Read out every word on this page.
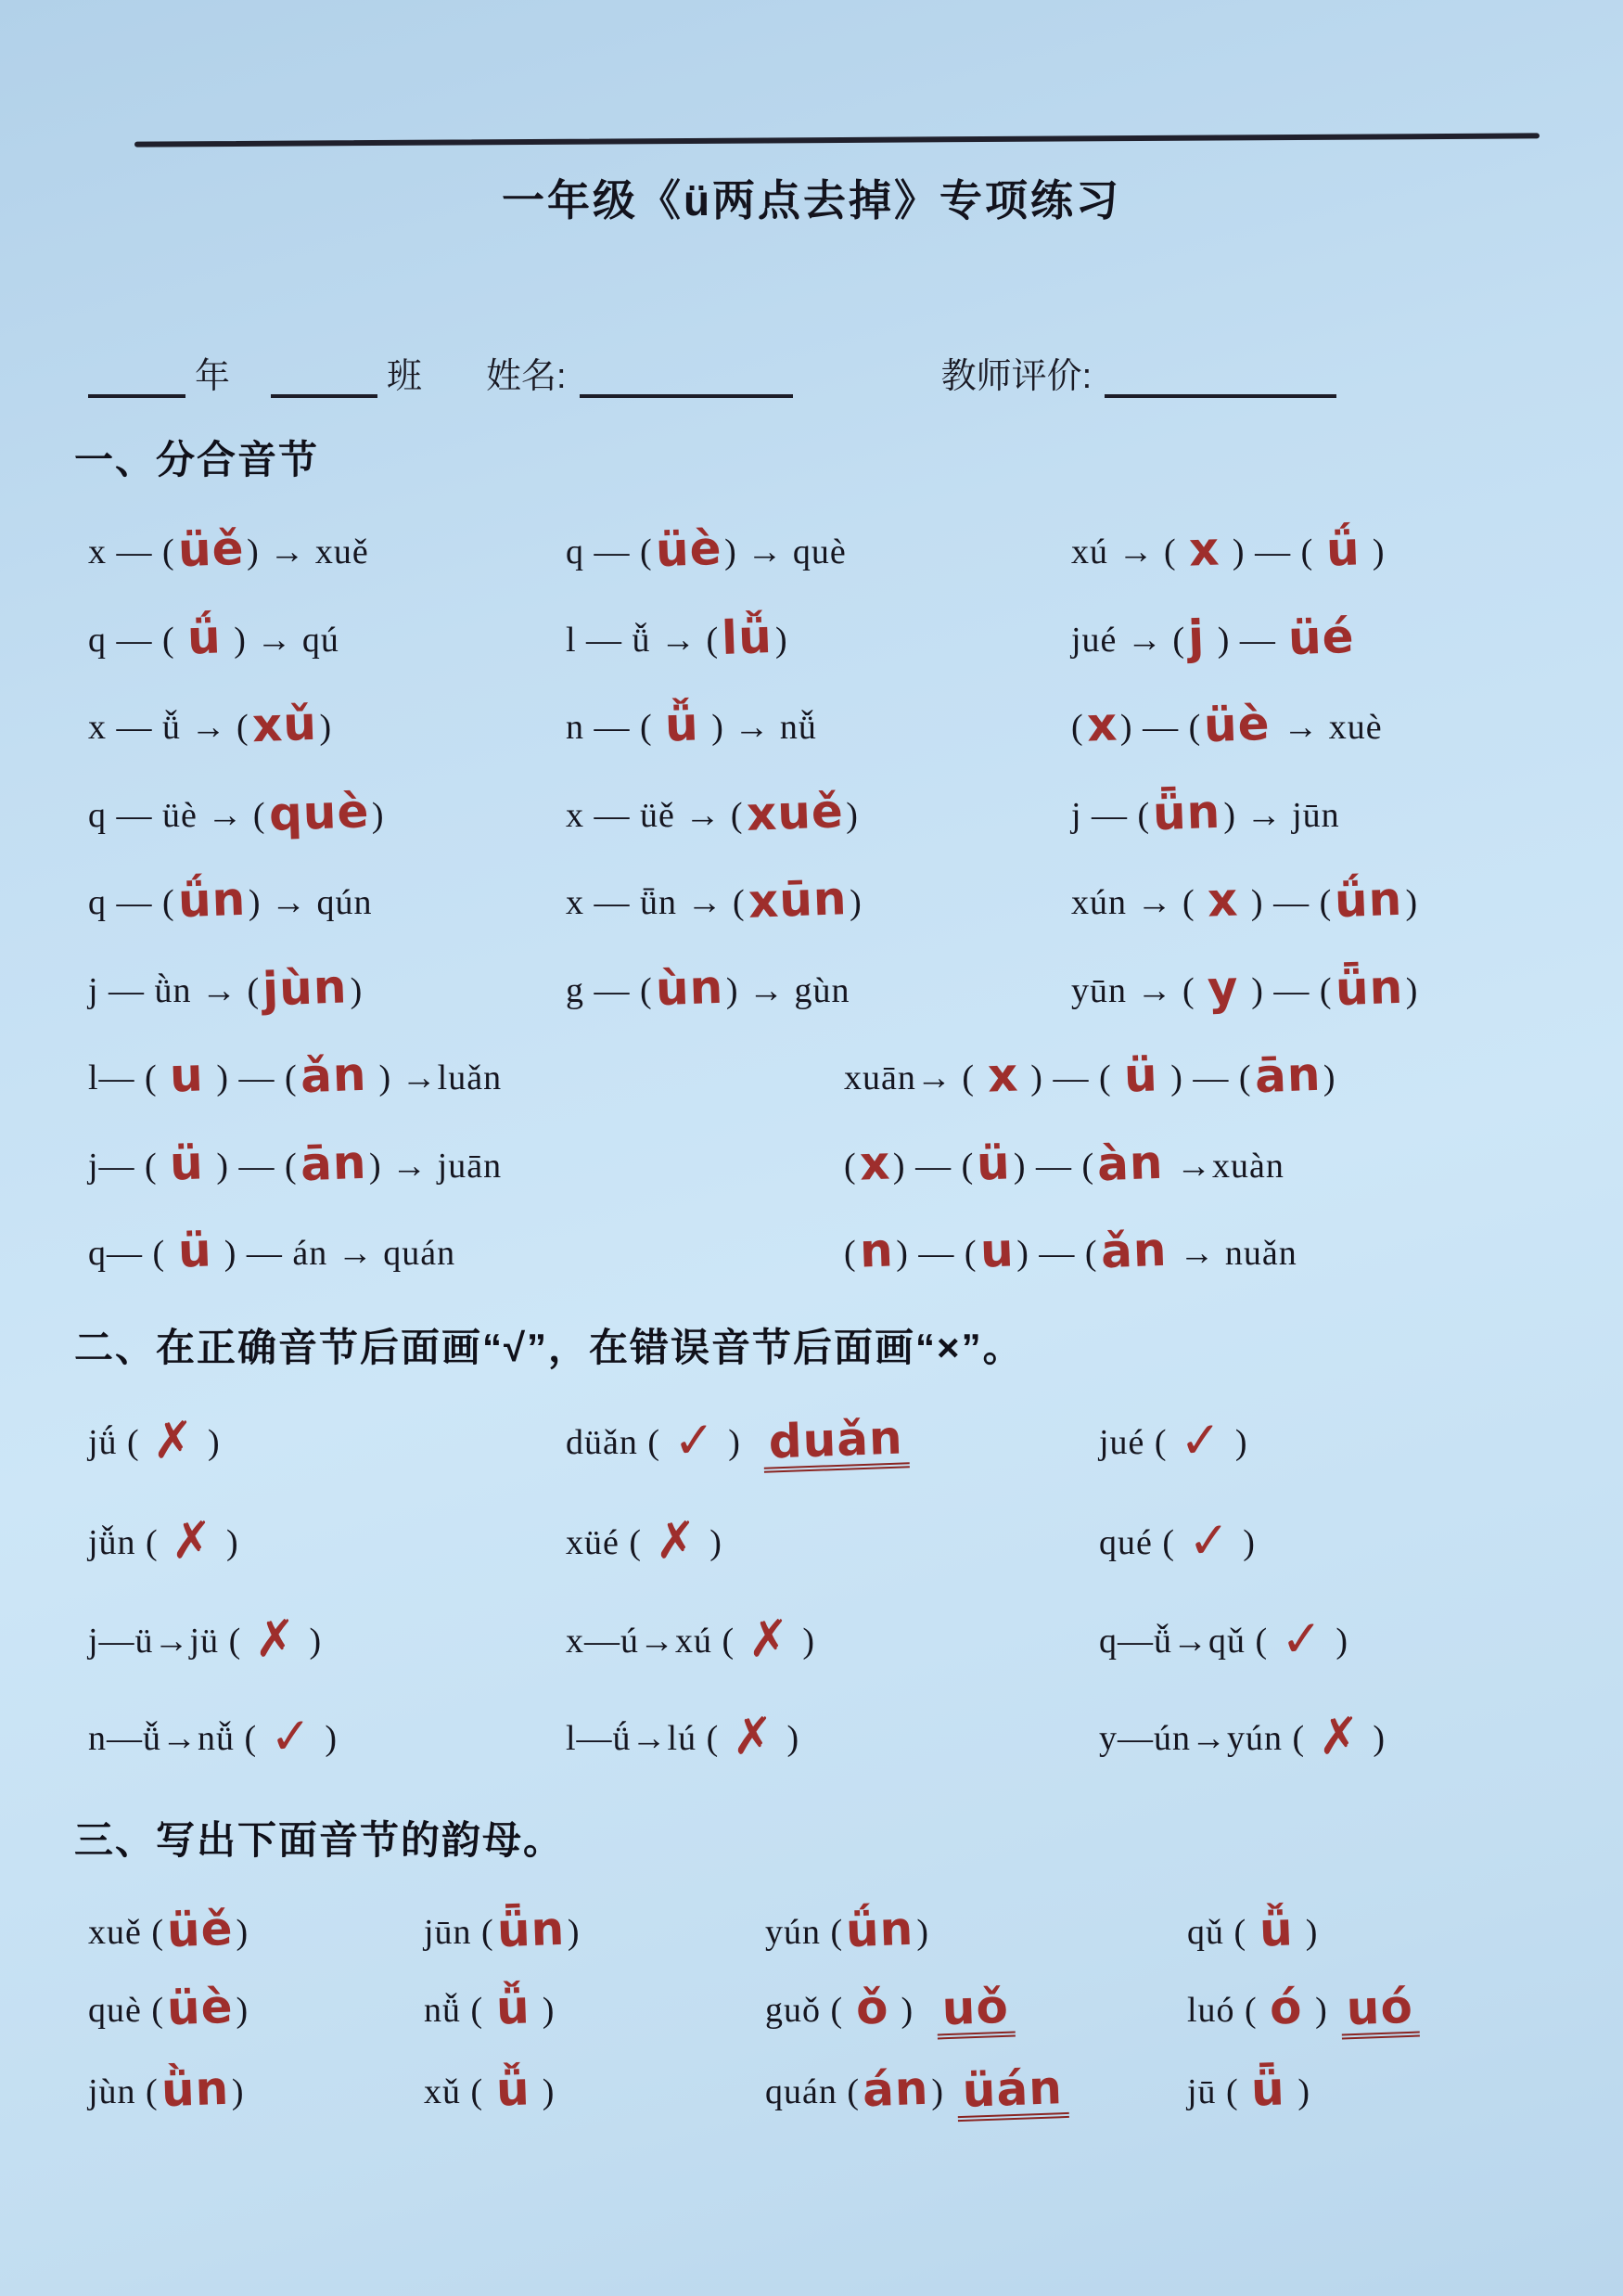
一年级《ü两点去掉》专项练习
年	班 姓名:	教师评价:
一、分合音节
x — (üě) → xuě	q — (üè) → què	xú → ( x ) — ( ǘ )
q — ( ǘ ) → qú	l — ǚ → (lǚ)	jué → (j ) — üé
x — ǚ → (xǔ)	n — ( ǚ ) → nǚ	(x) — (üè → xuè
q — üè → (què)	x — üě → (xuě)	j — (ǖn) → jūn
q — (ǘn) → qún	x — ǖn → (xūn)	xún → ( x ) — (ǘn)
j — ǜn → (jùn)	g — (ùn) → gùn	yūn → ( y ) — (ǖn)
l— ( u ) — (ǎn ) →luǎn	xuān→ ( x ) — ( ü ) — (ān)
j— ( ü ) — (ān) → juān	(x) — (ü) — (àn →xuàn
q— ( ü ) — án → quán	(n) — (u) — (ǎn → nuǎn
二、在正确音节后面画“√”，在错误音节后面画“×”。
jǘ ( ✗ )	düǎn ( ✓ ) duǎn	jué ( ✓ )
jǚn ( ✗ )	xüé ( ✗ )	qué ( ✓ )
j—ü→jü ( ✗ )	x—ú→xú ( ✗ )	q—ǚ→qǔ ( ✓ )
n—ǚ→nǚ ( ✓ )	l—ǘ→lú ( ✗ )	y—ún→yún ( ✗ )
三、写出下面音节的韵母。
xuě (üě)	jūn (ǖn)	yún (ǘn)	qǔ ( ǚ )
què (üè)	nǚ ( ǚ )	guǒ ( ǒ ) uǒ	luó ( ó ) uó
jùn (ǜn)	xǔ ( ǚ )	quán (án) üán	jū ( ǖ )
